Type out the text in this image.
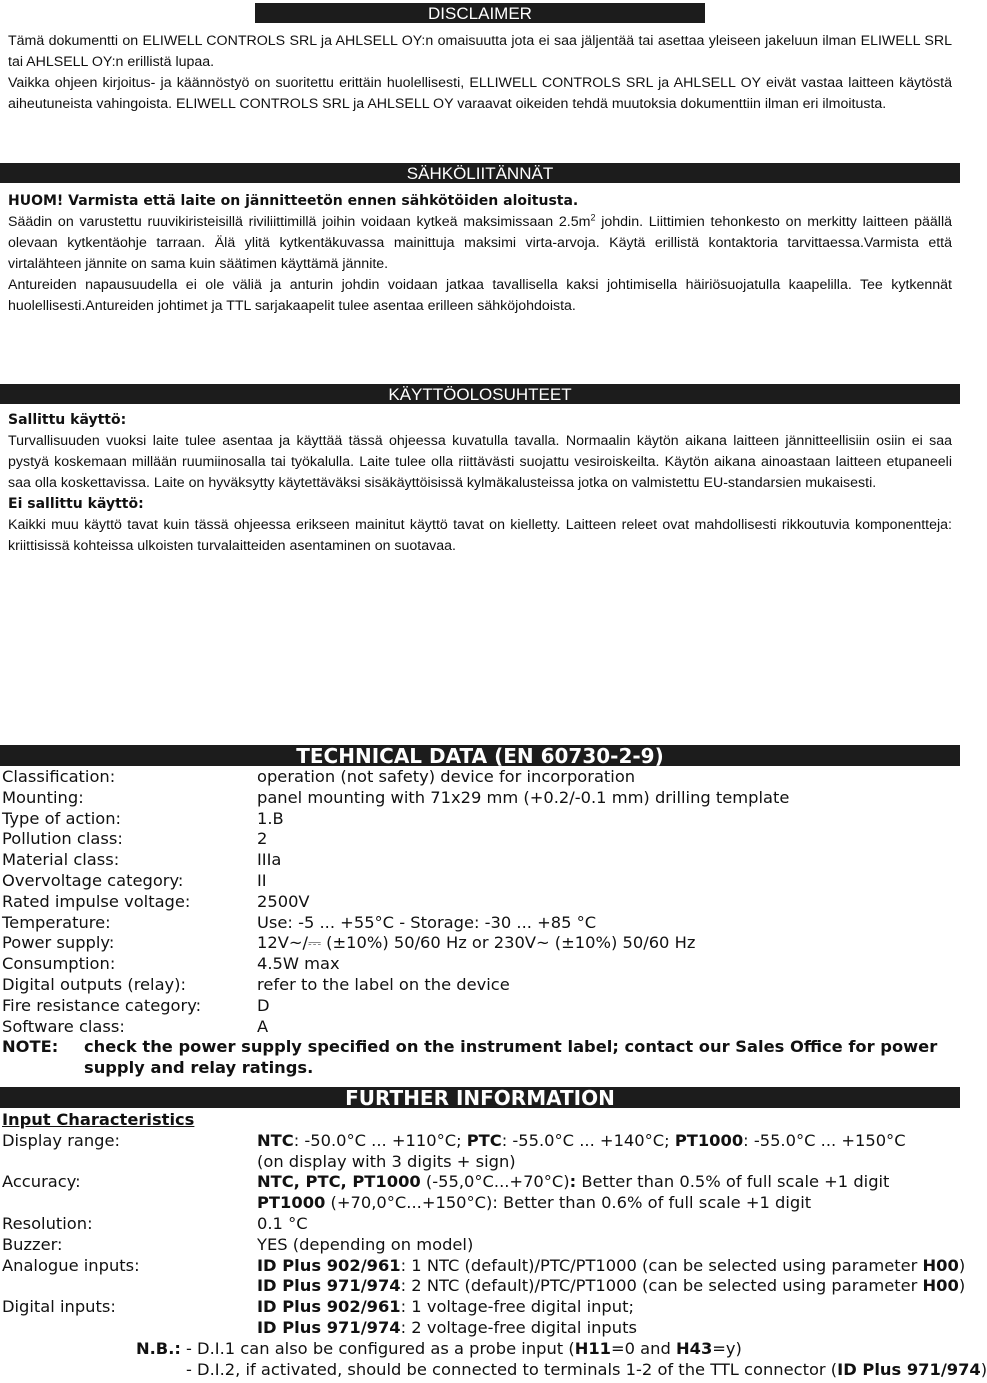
DISCLAIMER

Tämä dokumentti on ELIWELL CONTROLS SRL ja AHLSELL OY:n omaisuutta jota ei saa jäljentää tai asettaa yleiseen jakeluun ilman ELIWELL SRL tai AHLSELL OY:n erillistä lupaa.

Vaikka ohjeen kirjoitus- ja käännöstyö on suoritettu erittäin huolellisesti, ELLIWELL CONTROLS SRL ja AHLSELL OY eivät vastaa laitteen käytöstä aiheutuneista vahingoista. ELIWELL CONTROLS SRL ja AHLSELL OY varaavat oikeiden tehdä muutoksia dokumenttiin ilman eri ilmoitusta.

SÄHKÖLIITÄNNÄT

HUOM! Varmista että laite on jännitteetön ennen sähkötöiden aloitusta.

Säädin on varustettu ruuvikiristeisillä riviliittimillä joihin voidaan kytkeä maksimissaan $2.5m^2$ johdin. Liittimien tehonkesto on merkitty laitteen päällä olevaan kytkentäohje tarraan. Älä ylitä kytkentäkuvassa mainittuja maksimi virta-arvoja. Käytä erillistä kontaktoria tarvittaessa.Varmista että virtalähteen jännite on sama kuin säätimen käyttämä jännite.

Antureiden napausuudella ei ole väliä ja anturin johdin voidaan jatkaa tavallisella kaksi johtimisella häiriösuojatulla kaapelilla. Tee kytkennät huolellisesti.Antureiden johtimet ja TTL sarjakaapelit tulee asentaa erilleen sähköjohdoista.

KÄYTTÖOLOSUHTEET

Sallittu käyttö:

Turvallisuuden vuoksi laite tulee asentaa ja käyttää tässä ohjeessa kuvatulla tavalla. Normaalin käytön aikana laitteen jännitteellisiin osiin ei saa pystyä koskemaan millään ruumiinosalla tai työkalulla. Laite tulee olla riittävästi suojattu vesiroiskeilta. Käytön aikana ainoastaan laitteen etupaneeli saa olla koskettavissa. Laite on hyväksytty käytettäväksi sisäkäyttöisissä kylmäkalusteissa jotka on valmistettu EU-standarsien mukaisesti.

Ei sallittu käyttö:

Kaikki muu käyttö tavat kuin tässä ohjeessa erikseen mainitut käyttö tavat on kielletty. Laitteen releet ovat mahdollisesti rikkoutuvia komponentteja: kriittisissä kohteissa ulkoisten turvalaitteiden asentaminen on suotavaa.

TECHNICAL DATA (EN 60730-2-9)
Classification:	operation (not safety) device for incorporation
Mounting:	panel mounting with 71x29 mm (+0.2/-0.1 mm) drilling template
Type of action:	1.B
Pollution class:	2
Material class:	IIIa
Overvoltage category:	II
Rated impulse voltage:	2500V
Temperature:	Use: -5 ... +55°C - Storage: -30 ... +85 °C
Power supply:	12V~/⎓ (±10%) 50/60 Hz or 230V~ (±10%) 50/60 Hz
Consumption:	4.5W max
Digital outputs (relay):	refer to the label on the device
Fire resistance category:	D
Software class:	A
NOTE: check the power supply specified on the instrument label; contact our Sales Office for power supply and relay ratings.
FURTHER INFORMATION
Input Characteristics
Display range:	NTC: -50.0°C ... +110°C; PTC: -55.0°C ... +140°C; PT1000: -55.0°C ... +150°C
(on display with 3 digits + sign)
Accuracy:	NTC, PTC, PT1000 (-55,0°C...+70°C): Better than 0.5% of full scale +1 digit
PT1000 (+70,0°C...+150°C): Better than 0.6% of full scale +1 digit
Resolution:	0.1 °C
Buzzer:	YES (depending on model)
Analogue inputs:	ID Plus 902/961: 1 NTC (default)/PTC/PT1000 (can be selected using parameter H00)
ID Plus 971/974: 2 NTC (default)/PTC/PT1000 (can be selected using parameter H00)
Digital inputs:	ID Plus 902/961: 1 voltage-free digital input;
ID Plus 971/974: 2 voltage-free digital inputs
N.B.: - D.I.1 can also be configured as a probe input (H11=0 and H43=y)
- D.I.2, if activated, should be connected to terminals 1-2 of the TTL connector (ID Plus 971/974)
